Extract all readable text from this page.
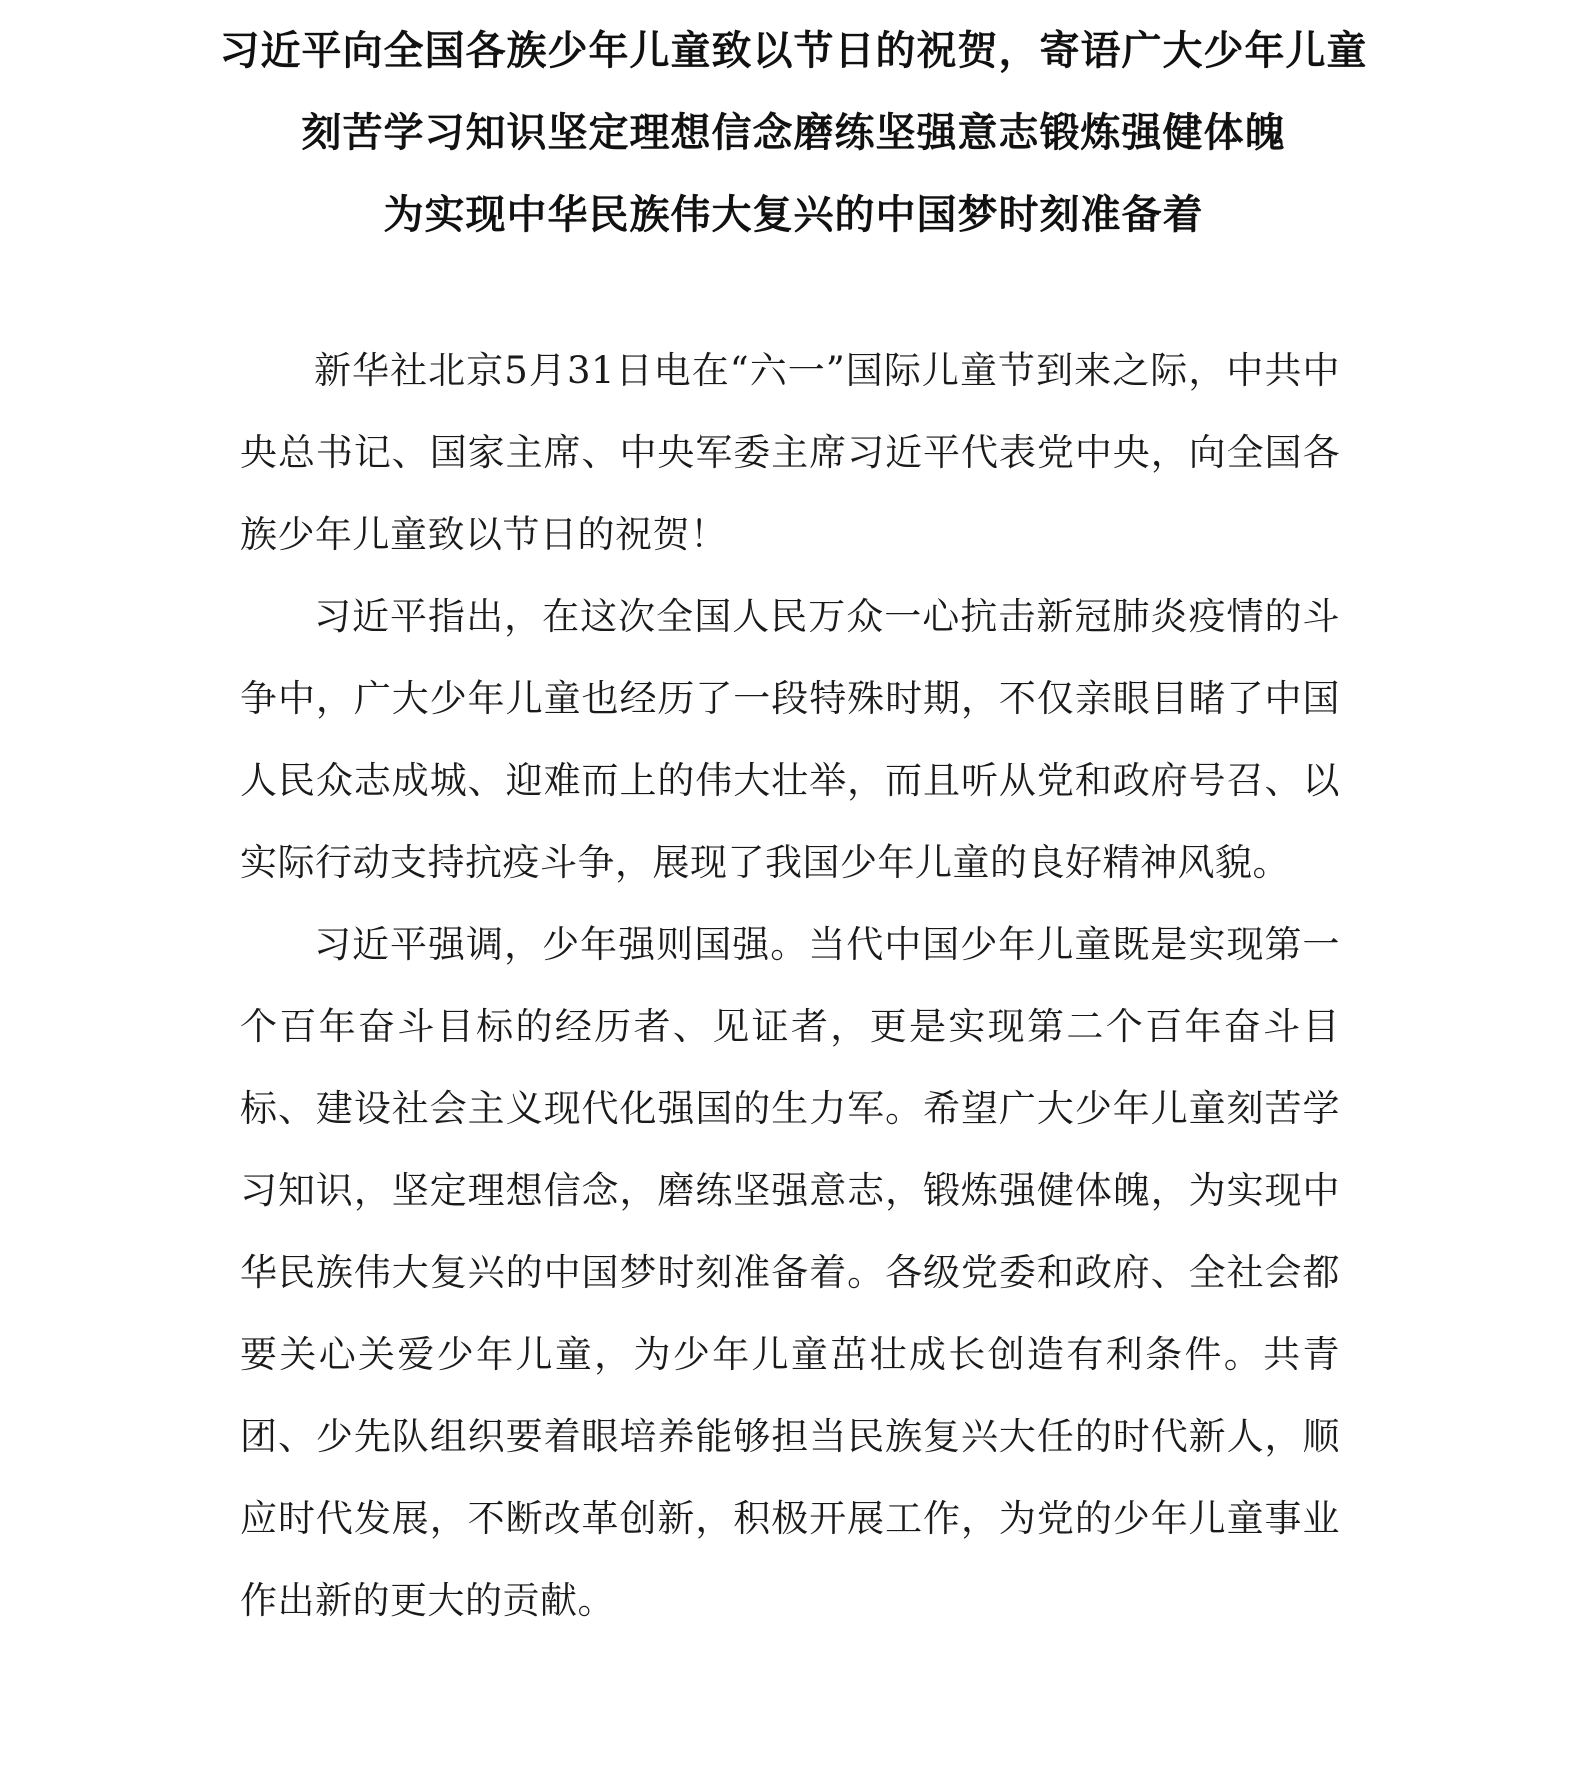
习近平向全国各族少年儿童致以节日的祝贺，寄语广大少年儿童
刻苦学习知识坚定理想信念磨练坚强意志锻炼强健体魄
为实现中华民族伟大复兴的中国梦时刻准备着

新华社北京5月31日电在“六一”国际儿童节到来之际，中共中央总书记、国家主席、中央军委主席习近平代表党中央，向全国各族少年儿童致以节日的祝贺！

习近平指出，在这次全国人民万众一心抗击新冠肺炎疫情的斗争中，广大少年儿童也经历了一段特殊时期，不仅亲眼目睹了中国人民众志成城、迎难而上的伟大壮举，而且听从党和政府号召、以实际行动支持抗疫斗争，展现了我国少年儿童的良好精神风貌。

习近平强调，少年强则国强。当代中国少年儿童既是实现第一个百年奋斗目标的经历者、见证者，更是实现第二个百年奋斗目标、建设社会主义现代化强国的生力军。希望广大少年儿童刻苦学习知识，坚定理想信念，磨练坚强意志，锻炼强健体魄，为实现中华民族伟大复兴的中国梦时刻准备着。各级党委和政府、全社会都要关心关爱少年儿童，为少年儿童茁壮成长创造有利条件。共青团、少先队组织要着眼培养能够担当民族复兴大任的时代新人，顺应时代发展，不断改革创新，积极开展工作，为党的少年儿童事业作出新的更大的贡献。
